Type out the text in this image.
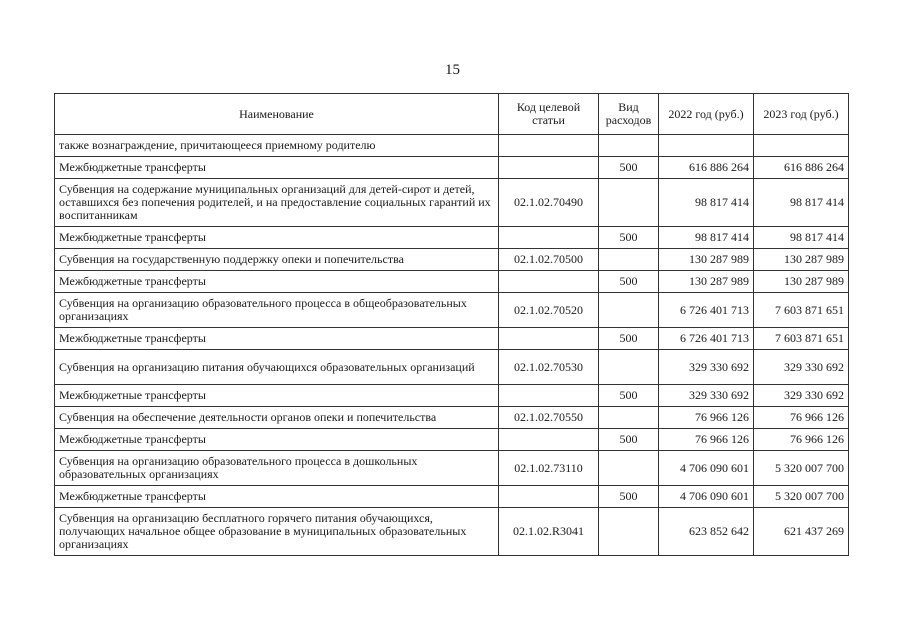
15
Наименование	Код целевой статьи	Вид расходов	2022 год (руб.)	2023 год (руб.)
также вознаграждение, причитающееся приемному родителю				
Межбюджетные трансферты		500	616 886 264	616 886 264
Субвенция на содержание муниципальных организаций для детей-сирот и детей, оставшихся без попечения родителей, и на предоставление социальных гарантий их воспитанникам	02.1.02.70490		98 817 414	98 817 414
Межбюджетные трансферты		500	98 817 414	98 817 414
Субвенция на государственную поддержку опеки и попечительства	02.1.02.70500		130 287 989	130 287 989
Межбюджетные трансферты		500	130 287 989	130 287 989
Субвенция на организацию образовательного процесса в общеобразовательных организациях	02.1.02.70520		6 726 401 713	7 603 871 651
Межбюджетные трансферты		500	6 726 401 713	7 603 871 651
Субвенция на организацию питания обучающихся образовательных организаций	02.1.02.70530		329 330 692	329 330 692
Межбюджетные трансферты		500	329 330 692	329 330 692
Субвенция на обеспечение деятельности органов опеки и попечительства	02.1.02.70550		76 966 126	76 966 126
Межбюджетные трансферты		500	76 966 126	76 966 126
Субвенция на организацию образовательного процесса в дошкольных образовательных организациях	02.1.02.73110		4 706 090 601	5 320 007 700
Межбюджетные трансферты		500	4 706 090 601	5 320 007 700
Субвенция на организацию бесплатного горячего питания обучающихся, получающих начальное общее образование в муниципальных образовательных организациях	02.1.02.R3041		623 852 642	621 437 269
